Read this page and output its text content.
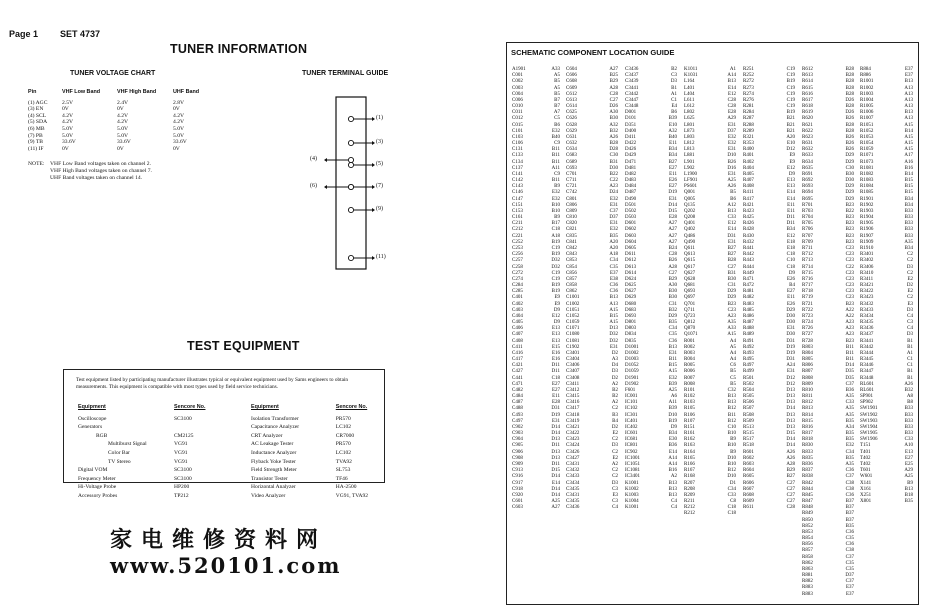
Page 1 SET 4737
TUNER INFORMATION
TUNER VOLTAGE CHART
Pin	VHF Low Band	VHF High Band	UHF Band
(1) AGC	2.5V	2.4V	2.8V
(3) EN	0V	0V	0V
(4) SCL	4.2V	4.2V	4.2V
(5) SDA	4.2V	4.2V	4.2V
(6) MB	5.0V	5.0V	5.0V
(7) PB	5.0V	5.0V	5.0V
(9) TB	33.6V	33.6V	33.6V
(11) IF	0V	0V	0V
NOTE: VHF Low Band voltages taken on channel 2.
VHF High Band voltages taken on channel 7.
UHF Band voltages taken on channel 14.
TUNER TERMINAL GUIDE
(1)
(3)
(5)
(7)
(9)
(11)
(4)
(6)
TEST EQUIPMENT
Test equipment listed by participating manufacturer illustrates typical or equivalent equipment used by Sams engineers to obtain measurements. This equipment is compatible with most types used by field service technicians.
Equipment	Sencore No.
Oscilloscope	SC3100
Generators	
RGB	CM2125
Multiburst Signal	VG91
Color Bar	VG91
TV Stereo	VG91
Digital VOM	SC3100
Frequency Meter	SC3100
Hi-Voltage Probe	HP200
Accessory Probes	TP212
Equipment	Sencore No.
Isolation Transformer	PR570
Capacitance Analyzer	LC102
CRT Analyzer	CR7000
AC Leakage Tester	PR570
Inductance Analyzer	LC102
Flyback Yoke Tester	TVA92
Field Strength Meter	SL753
Transistor Tester	TF46
Horizontal Analyzer	HA-2500
Video Analyzer	VG91, TVA92
家电维修资料网
www.520101.com
SCHEMATIC COMPONENT LOCATION GUIDE
A1901	A33
C001	A5
C002	B5
C003	A5
C004	B5
C006	B7
C010	B7
C011	A7
C012	C5
C015	B6
C101	E32
C103	B40
C106	C9
C131	B11
C133	B11
C134	B11
C137	A11
C141	C9
C142	B11
C143	B9
C146	E32
C147	E32
C151	B10
C153	B10
C161	B9
C211	B17
C212	C18
C221	A18
C252	B19
C253	C19
C256	B19
C257	D32
C258	D32
C272	C19
C274	C19
C284	B19
C285	B19
C401	E9
C402	E9
C403	D9
C404	E12
C405	D9
C406	E13
C407	E13
C408	E13
C411	E15
C416	E16
C417	E16
C421	D11
C427	D11
C441	C18
C471	E27
C482	E27
C484	E11
C487	E28
C488	D31
C493	D19
C497	E31
C902	D14
C903	D14
C904	D13
C905	D11
C906	D13
C908	D13
C909	D11
C913	D15
C916	D14
C917	E14
C918	D14
C920	D14
C601	A25
C603	A27
C604	A27
C606	B25
C608	B29
C609	A28
C612	C28
C613	C27
C614	D26
C625	A30
C626	B30
C628	A32
C629	B32
C631	A26
C632	B28
C634	D28
C683	C30
C689	B31
C693	D30
C701	B22
C711	C22
C721	A23
C742	D24
C801	E32
C806	E31
C809	C37
C810	D37
C820	E31
C821	E32
C835	B35
C841	A20
C842	A20
C843	A18
C853	C34
C854	C35
C856	E37
C857	E38
C858	C36
C862	C36
C1001	B13
C1002	A13
C1051	A15
C1052	B15
C1059	A15
C1071	D13
C1080	D32
C1081	D32
C1902	E31
C3401	D2
C3404	A3
C3406	D4
C3407	D3
C3408	D2
C3411	A2
C3412	B2
C3415	B2
C3416	A2
C3417	C2
C3418	B3
C3419	B4
C3421	D2
C3422	E2
C3423	C2
C3424	D3
C3426	C2
C3427	E2
C3431	A2
C3432	C2
C3433	C2
C3434	D3
C3435	C3
C3431	E3
C3435	C3
C3436	C4
C3436	B2
C3437	C3
C3439	D3
C3441	B1
C3442	A1
C3447	C1
C3448	E4
D001	B6
D101	B39
D351	E10
D400	A32
D411	B40
D422	E11
D426	B34
D429	B34
D471	B27
D481	E27
D482	E11
D483	E26
D484	E27
D487	D19
D490	E31
D501	D14
D502	D15
D503	E28
D601	A27
D602	A27
D603	A27
D604	A27
D605	B24
D611	C28
D612	B26
D613	A28
D614	C27
D624	B29
D625	A30
D627	B30
D629	B30
D680	C31
D683	B32
D693	D29
D801	B35
D803	C34
D834	C35
D835	C36
D1001	B13
D1002	E31
D1003	B11
D1052	B15
D1059	A15
D1901	E32
D1902	B39
F601	A25
IC001	A6
IC101	A11
IC102	B39
IC301	D10
IC401	B19
IC402	D9
IC601	B34
IC681	E30
IC801	B36
IC902	E14
IC1001	A14
IC1051	A14
IC1081	B16
IC3401	A2
K1001	B13
K1002	B13
K1003	B13
K1004	C4
K1001	C4
K1011	A1
K1031	A14
L164	B13
L401	E14
L404	E12
L611	C28
L612	C28
L802	E28
L625	A29
L801	E31
L873	D37
L803	E32
L812	E32
L813	E31
L881	D10
L901	B26
L902	D16
L1900	E31
LF901	A25
PS601	A26
Q001	B5
Q005	B6
Q135	A12
Q202	B13
Q208	C33
Q401	E12
Q402	E14
Q486	D31
Q490	E31
Q611	B27
Q613	B27
Q615	B28
Q617	C27
Q627	B31
Q628	B30
Q681	C31
Q693	D29
Q697	D29
Q701	B23
Q711	C23
Q723	A23
Q812	A35
Q870	A33
Q1071	A15
R001	A4
R002	A5
R003	A4
R004	A4
R005	C6
R006	B5
R007	C5
R008	B5
R101	C32
R102	B13
R103	B13
R105	B12
R106	B11
R107	B12
R151	C10
R161	B10
R162	B9
R163	B10
R164	B9
R165	D10
R166	B10
R167	B12
R168	D10
R207	D1
R208	C34
R209	C33
R211	C8
R212	C18
R212	C18
R251	C19
R252	C19
R272	B19
R273	C19
R274	C19
R276	C19
R281	C19
R284	B19
R287	B21
R288	B21
R289	B21
R321	A20
R353	E10
R400	D12
R401	E9
R402	E9
R404	E12
R405	D9
R407	E13
R408	E13
R411	E14
R417	E14
R421	E11
R423	E11
R425	D11
R426	D11
R428	B34
R430	E12
R432	E18
R441	E18
R442	C18
R443	C10
R444	C18
R449	D9
R471	E26
R472	B4
R481	E27
R482	E11
R483	E26
R485	D29
R486	D30
R487	D30
R488	E31
R489	D30
R491	D31
R492	D19
R493	D19
R495	D31
R497	A24
R499	E31
R501	D12
R502	D12
R504	D13
R505	D13
R506	D13
R507	D14
R508	D13
R509	D13
R513	D13
R515	D15
R517	D14
R518	D14
R601	A26
R602	A26
R603	A28
R604	B29
R605	B27
R606	C27
R607	C27
R608	C27
R609	C27
R611	C28
R612	B28
R613	B28
R614	B28
R615	B28
R616	B28
R617	D26
R618	B28
R619	D26
R620	B26
R621	B28
R622	B28
R623	B26
R631	B26
R632	B26
R633	D29
R634	D29
R635	C30
R691	B30
R692	D30
R693	D29
R694	D29
R695	D29
R701	B23
R703	B22
R704	B23
R705	B23
R706	B23
R707	B23
R709	B23
R711	C23
R712	C23
R713	C23
R714	C22
R715	C23
R716	C23
R717	C23
R718	C23
R719	C23
R721	B23
R722	A22
R723	A22
R724	A23
R726	A23
R727	A23
R728	B23
R803	B11
R804	B11
R805	B11
R806	D14
R807	D35
R808	D35
R809	C37
R810	B36
R811	A35
R812	C33
R813	A35
R814	A35
R815	B35
R816	A34
R817	B35
R818	B35
R830	E32
R833	C34
R835	B35
R836	A35
R837	C36
R838	C37
R842	C38
R844	C38
R845	C36
R847	B37
R848	B37
R849	B37
R850	B37
R852	B35
R853	C36
R854	C35
R856	C36
R857	C38
R858	C37
R862	C35
R863	C35
R881	D37
R882	C37
R883	E37
R883	E37
R884	E37
R886	E37
R1001	B13
R1002	A13
R1003	A13
R1004	A13
R1005	A13
R1006	B13
R1007	A13
R1051	A15
R1052	B14
R1053	A15
R1054	A15
R1059	A15
R1071	A17
R1073	A16
R1081	B16
R1082	B14
R1083	B15
R1084	B15
R1085	B15
R1901	B34
R1902	B34
R1903	B33
R1904	B33
R1905	B33
R1906	B33
R1907	B33
R1909	A35
R1910	B34
R3401	C2
R3402	C2
R3406	D3
R3410	C2
R3411	E2
R3421	D2
R3422	E2
R3423	C2
R3432	E3
R3433	D3
R3434	C4
R3435	C3
R3436	C4
R3437	D3
R3441	B1
R3442	B1
R3444	A1
R3445	C1
R3446	C1
R3447	B1
R3448	B1
RL601	A26
RL601	B32
SP901	A8
SP902	B8
SW1901	B33
SW1902	B33
SW1903	B33
SW1904	B33
SW1905	B33
SW1906	C33
T151	A10
T401	E13
T402	E27
T402	E25
T601	A29
W601	A25
X141	B9
X161	B13
X251	B18
X801	B35
